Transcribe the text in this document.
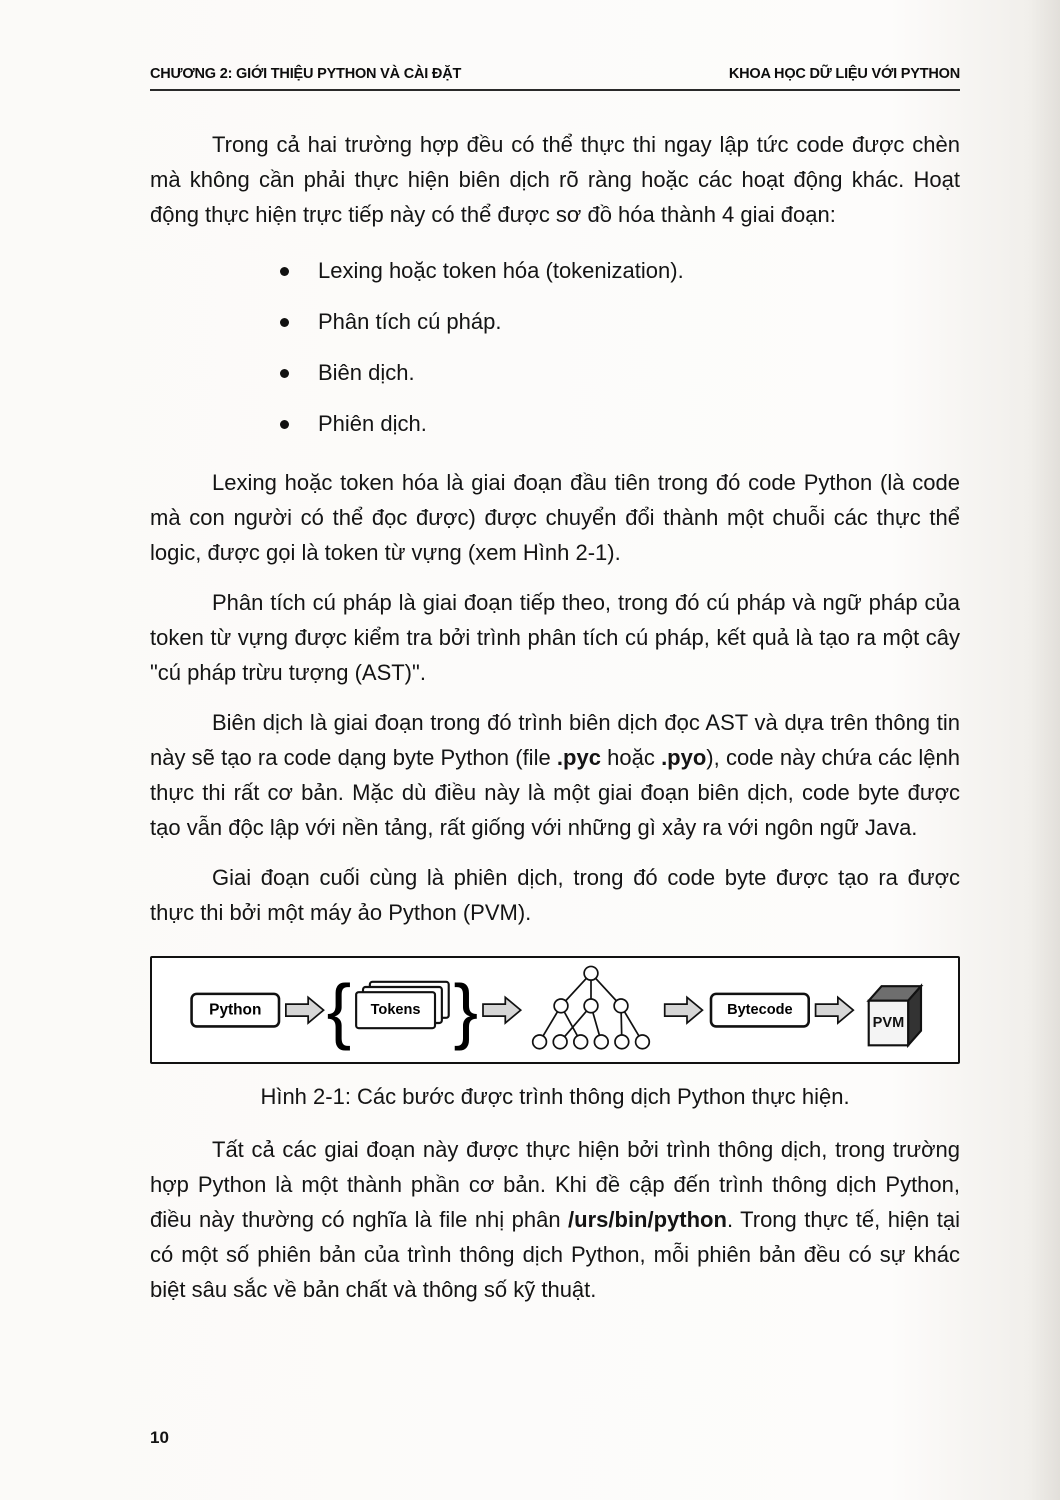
CHƯƠNG 2: GIỚI THIỆU PYTHON VÀ CÀI ĐẶT	KHOA HỌC DỮ LIỆU VỚI PYTHON

Trong cả hai trường hợp đều có thể thực thi ngay lập tức code được chèn mà không cần phải thực hiện biên dịch rõ ràng hoặc các hoạt động khác. Hoạt động thực hiện trực tiếp này có thể được sơ đồ hóa thành 4 giai đoạn:

Lexing hoặc token hóa (tokenization).
Phân tích cú pháp.
Biên dịch.
Phiên dịch.

Lexing hoặc token hóa là giai đoạn đầu tiên trong đó code Python (là code mà con người có thể đọc được) được chuyển đổi thành một chuỗi các thực thể logic, được gọi là token từ vựng (xem Hình 2-1).

Phân tích cú pháp là giai đoạn tiếp theo, trong đó cú pháp và ngữ pháp của token từ vựng được kiểm tra bởi trình phân tích cú pháp, kết quả là tạo ra một cây "cú pháp trừu tượng (AST)".

Biên dịch là giai đoạn trong đó trình biên dịch đọc AST và dựa trên thông tin này sẽ tạo ra code dạng byte Python (file .pyc hoặc .pyo), code này chứa các lệnh thực thi rất cơ bản. Mặc dù điều này là một giai đoạn biên dịch, code byte được tạo vẫn độc lập với nền tảng, rất giống với những gì xảy ra với ngôn ngữ Java.

Giai đoạn cuối cùng là phiên dịch, trong đó code byte được tạo ra được thực thi bởi một máy ảo Python (PVM).

Python { Tokens }	Bytecode
PVM

Hình 2-1: Các bước được trình thông dịch Python thực hiện.

Tất cả các giai đoạn này được thực hiện bởi trình thông dịch, trong trường hợp Python là một thành phần cơ bản. Khi đề cập đến trình thông dịch Python, điều này thường có nghĩa là file nhị phân /urs/bin/python. Trong thực tế, hiện tại có một số phiên bản của trình thông dịch Python, mỗi phiên bản đều có sự khác biệt sâu sắc về bản chất và thông số kỹ thuật.

10
